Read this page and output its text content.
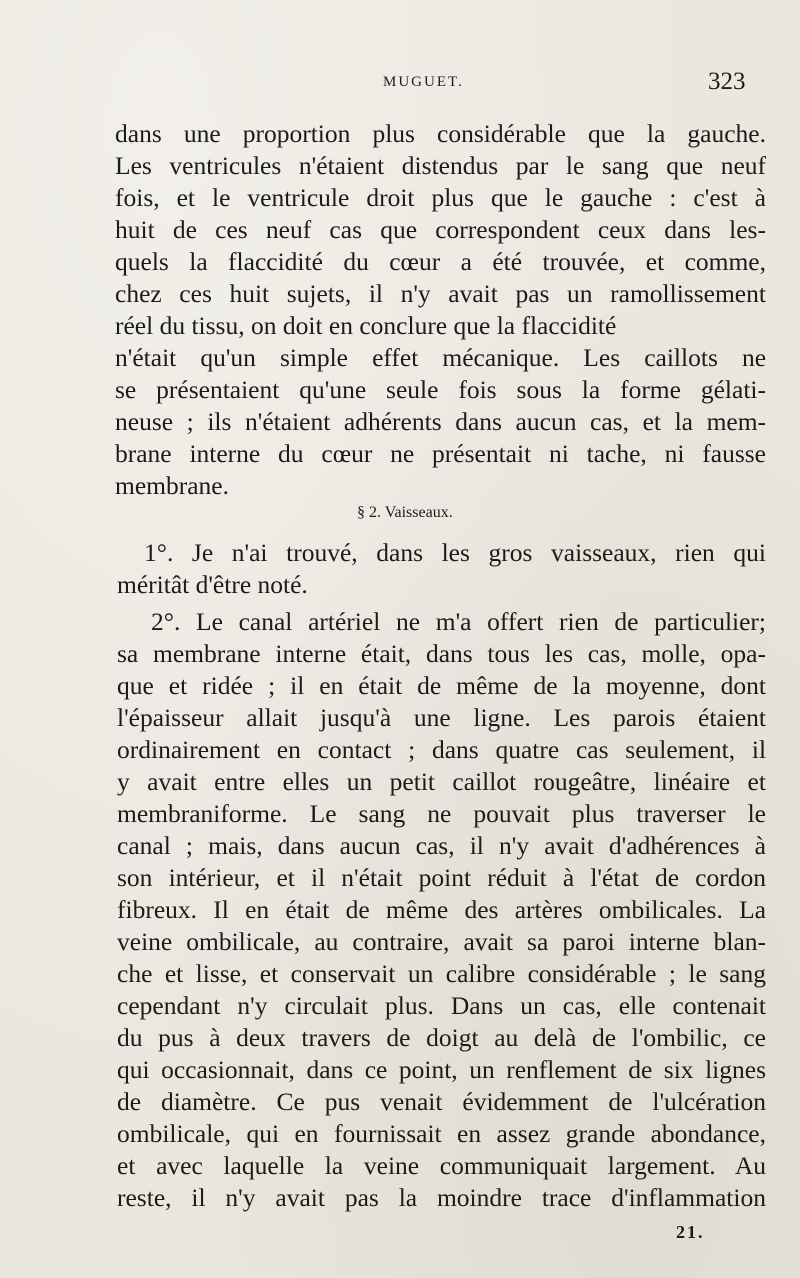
MUGUET.	323
dans une proportion plus considérable que la gauche.
Les ventricules n'étaient distendus par le sang que neuf
fois, et le ventricule droit plus que le gauche : c'est à
huit de ces neuf cas que correspondent ceux dans les-
quels la flaccidité du cœur a été trouvée, et comme,
chez ces huit sujets, il n'y avait pas un ramollissement
réel du tissu, on doit en conclure que la flaccidité
n'était qu'un simple effet mécanique. Les caillots ne
se présentaient qu'une seule fois sous la forme gélati-
neuse ; ils n'étaient adhérents dans aucun cas, et la mem-
brane interne du cœur ne présentait ni tache, ni fausse
membrane.
1°. Je n'ai trouvé, dans les gros vaisseaux, rien qui
méritât d'être noté.
2°. Le canal artériel ne m'a offert rien de particulier;
sa membrane interne était, dans tous les cas, molle, opa-
que et ridée ; il en était de même de la moyenne, dont
l'épaisseur allait jusqu'à une ligne. Les parois étaient
ordinairement en contact ; dans quatre cas seulement, il
y avait entre elles un petit caillot rougeâtre, linéaire et
membraniforme. Le sang ne pouvait plus traverser le
canal ; mais, dans aucun cas, il n'y avait d'adhérences à
son intérieur, et il n'était point réduit à l'état de cordon
fibreux. Il en était de même des artères ombilicales. La
veine ombilicale, au contraire, avait sa paroi interne blan-
che et lisse, et conservait un calibre considérable ; le sang
cependant n'y circulait plus. Dans un cas, elle contenait
du pus à deux travers de doigt au delà de l'ombilic, ce
qui occasionnait, dans ce point, un renflement de six lignes
de diamètre. Ce pus venait évidemment de l'ulcération
ombilicale, qui en fournissait en assez grande abondance,
et avec laquelle la veine communiquait largement. Au
reste, il n'y avait pas la moindre trace d'inflammation
§ 2. Vaisseaux.
21.
